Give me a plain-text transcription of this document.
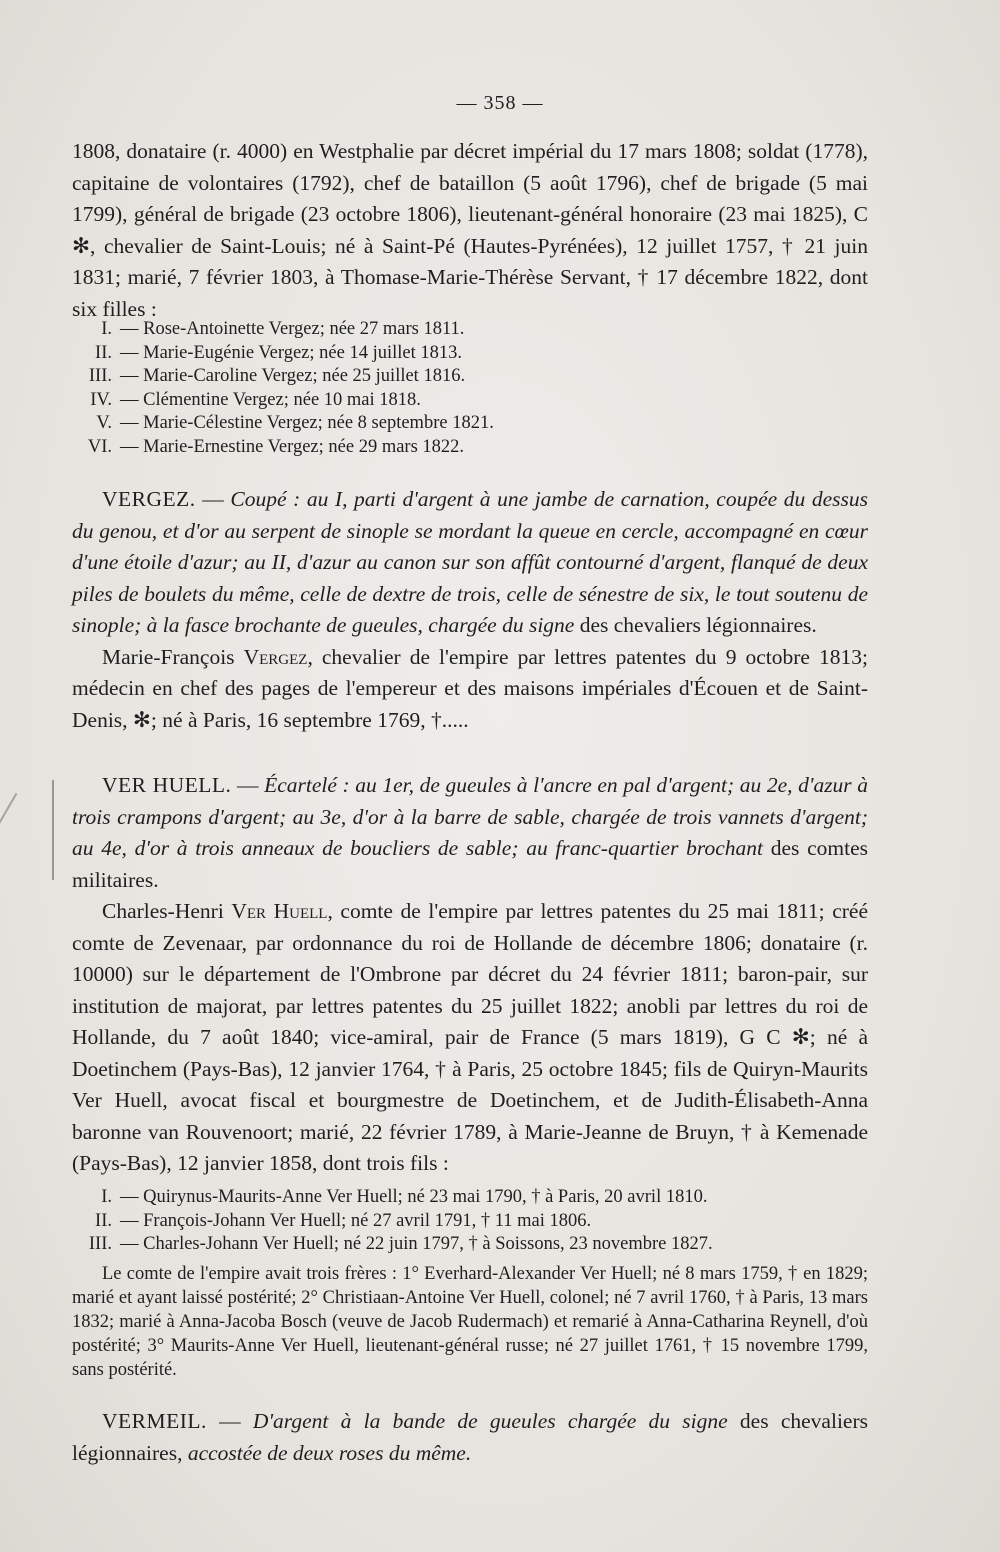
— 358 —

1808, donataire (r. 4000) en Westphalie par décret impérial du 17 mars 1808; soldat (1778), capitaine de volontaires (1792), chef de bataillon (5 août 1796), chef de brigade (5 mai 1799), général de brigade (23 octobre 1806), lieutenant-général honoraire (23 mai 1825), C ✻, chevalier de Saint-Louis; né à Saint-Pé (Hautes-Pyrénées), 12 juillet 1757, † 21 juin 1831; marié, 7 février 1803, à Thomase-Marie-Thérèse Servant, † 17 décembre 1822, dont six filles :

I. — Rose-Antoinette Vergez; née 27 mars 1811.
II. — Marie-Eugénie Vergez; née 14 juillet 1813.
III. — Marie-Caroline Vergez; née 25 juillet 1816.
IV. — Clémentine Vergez; née 10 mai 1818.
V. — Marie-Célestine Vergez; née 8 septembre 1821.
VI. — Marie-Ernestine Vergez; née 29 mars 1822.

VERGEZ. — Coupé : au I, parti d'argent à une jambe de carnation, coupée du dessus du genou, et d'or au serpent de sinople se mordant la queue en cercle, accompagné en cœur d'une étoile d'azur; au II, d'azur au canon sur son affût contourné d'argent, flanqué de deux piles de boulets du même, celle de dextre de trois, celle de sénestre de six, le tout soutenu de sinople; à la fasce brochante de gueules, chargée du signe des chevaliers légionnaires.

Marie-François Vergez, chevalier de l'empire par lettres patentes du 9 octobre 1813; médecin en chef des pages de l'empereur et des maisons impériales d'Écouen et de Saint-Denis, ✻; né à Paris, 16 septembre 1769, †.....

VER HUELL. — Écartelé : au 1er, de gueules à l'ancre en pal d'argent; au 2e, d'azur à trois crampons d'argent; au 3e, d'or à la barre de sable, chargée de trois vannets d'argent; au 4e, d'or à trois anneaux de boucliers de sable; au franc-quartier brochant des comtes militaires.

Charles-Henri Ver Huell, comte de l'empire par lettres patentes du 25 mai 1811; créé comte de Zevenaar, par ordonnance du roi de Hollande de décembre 1806; donataire (r. 10000) sur le département de l'Ombrone par décret du 24 février 1811; baron-pair, sur institution de majorat, par lettres patentes du 25 juillet 1822; anobli par lettres du roi de Hollande, du 7 août 1840; vice-amiral, pair de France (5 mars 1819), G C ✻; né à Doetinchem (Pays-Bas), 12 janvier 1764, † à Paris, 25 octobre 1845; fils de Quiryn-Maurits Ver Huell, avocat fiscal et bourgmestre de Doetinchem, et de Judith-Élisabeth-Anna baronne van Rouvenoort; marié, 22 février 1789, à Marie-Jeanne de Bruyn, † à Kemenade (Pays-Bas), 12 janvier 1858, dont trois fils :

I. — Quirynus-Maurits-Anne Ver Huell; né 23 mai 1790, † à Paris, 20 avril 1810.
II. — François-Johann Ver Huell; né 27 avril 1791, † 11 mai 1806.
III. — Charles-Johann Ver Huell; né 22 juin 1797, † à Soissons, 23 novembre 1827.

Le comte de l'empire avait trois frères : 1° Everhard-Alexander Ver Huell; né 8 mars 1759, † en 1829; marié et ayant laissé postérité; 2° Christiaan-Antoine Ver Huell, colonel; né 7 avril 1760, † à Paris, 13 mars 1832; marié à Anna-Jacoba Bosch (veuve de Jacob Rudermach) et remarié à Anna-Catharina Reynell, d'où postérité; 3° Maurits-Anne Ver Huell, lieutenant-général russe; né 27 juillet 1761, † 15 novembre 1799, sans postérité.

VERMEIL. — D'argent à la bande de gueules chargée du signe des chevaliers légionnaires, accostée de deux roses du même.
